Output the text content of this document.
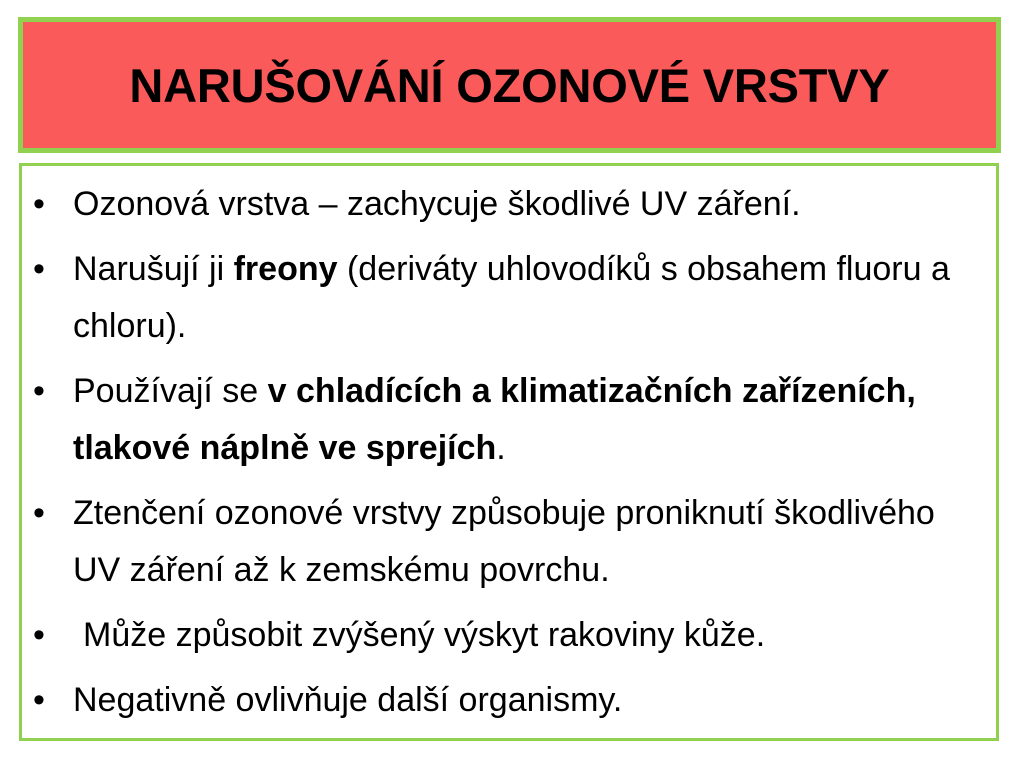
NARUŠOVÁNÍ OZONOVÉ VRSTVY
• Ozonová vrstva – zachycuje škodlivé UV záření.
• Narušují ji freony (deriváty uhlovodíků s obsahem fluoru a chloru).
• Používají se v chladících a klimatizačních zařízeních, tlakové náplně ve sprejích.
• Ztenčení ozonové vrstvy způsobuje proniknutí škodlivého UV záření až k zemskému povrchu.
• Může způsobit zvýšený výskyt rakoviny kůže.
• Negativně ovlivňuje další organismy.
